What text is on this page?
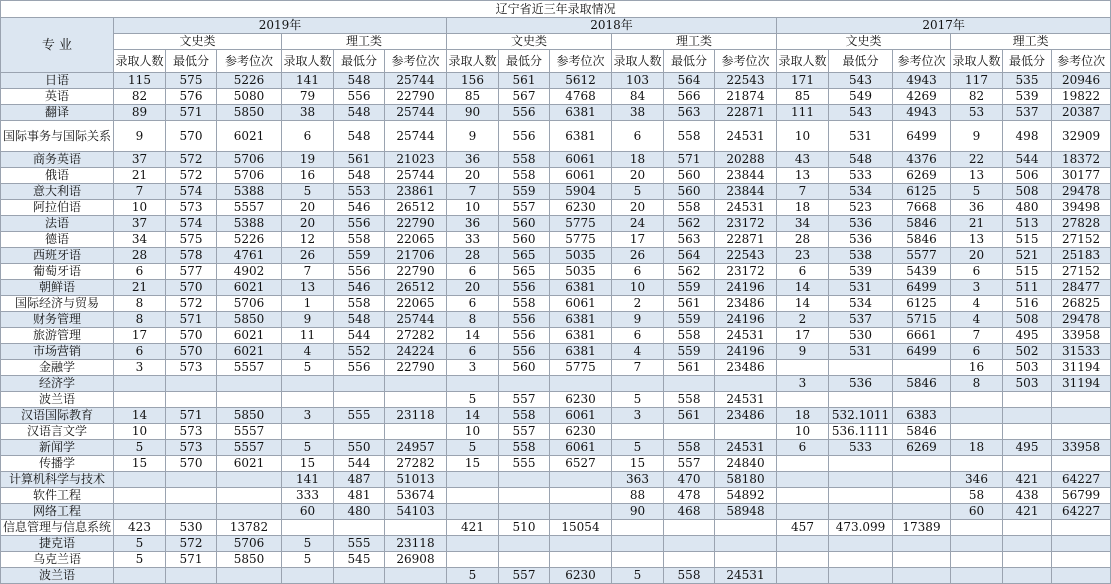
辽宁省近三年录取情况																		
专 业	2019年						2018年						2017年					
	文史类			理工类			文史类			理工类			文史类			理工类		
	录取人数	最低分	参考位次	录取人数	最低分	参考位次	录取人数	最低分	参考位次	录取人数	最低分	参考位次	录取人数	最低分	参考位次	录取人数	最低分	参考位次
日语	115	575	5226	141	548	25744	156	561	5612	103	564	22543	171	543	4943	117	535	20946
英语	82	576	5080	79	556	22790	85	567	4768	84	566	21874	85	549	4269	82	539	19822
翻译	89	571	5850	38	548	25744	90	556	6381	38	563	22871	111	543	4943	53	537	20387
国际事务与国际关系	9	570	6021	6	548	25744	9	556	6381	6	558	24531	10	531	6499	9	498	32909
商务英语	37	572	5706	19	561	21023	36	558	6061	18	571	20288	43	548	4376	22	544	18372
俄语	21	572	5706	16	548	25744	20	558	6061	20	560	23844	13	533	6269	13	506	30177
意大利语	7	574	5388	5	553	23861	7	559	5904	5	560	23844	7	534	6125	5	508	29478
阿拉伯语	10	573	5557	20	546	26512	10	557	6230	20	558	24531	18	523	7668	36	480	39498
法语	37	574	5388	20	556	22790	36	560	5775	24	562	23172	34	536	5846	21	513	27828
德语	34	575	5226	12	558	22065	33	560	5775	17	563	22871	28	536	5846	13	515	27152
西班牙语	28	578	4761	26	559	21706	28	565	5035	26	564	22543	23	538	5577	20	521	25183
葡萄牙语	6	577	4902	7	556	22790	6	565	5035	6	562	23172	6	539	5439	6	515	27152
朝鲜语	21	570	6021	13	546	26512	20	556	6381	10	559	24196	14	531	6499	3	511	28477
国际经济与贸易	8	572	5706	1	558	22065	6	558	6061	2	561	23486	14	534	6125	4	516	26825
财务管理	8	571	5850	9	548	25744	8	556	6381	9	559	24196	2	537	5715	4	508	29478
旅游管理	17	570	6021	11	544	27282	14	556	6381	6	558	24531	17	530	6661	7	495	33958
市场营销	6	570	6021	4	552	24224	6	556	6381	4	559	24196	9	531	6499	6	502	31533
金融学	3	573	5557	5	556	22790	3	560	5775	7	561	23486				16	503	31194
经济学													3	536	5846	8	503	31194
波兰语							5	557	6230	5	558	24531						
汉语国际教育	14	571	5850	3	555	23118	14	558	6061	3	561	23486	18	532.1011	6383			
汉语言文学	10	573	5557				10	557	6230				10	536.1111	5846			
新闻学	5	573	5557	5	550	24957	5	558	6061	5	558	24531	6	533	6269	18	495	33958
传播学	15	570	6021	15	544	27282	15	555	6527	15	557	24840						
计算机科学与技术				141	487	51013				363	470	58180				346	421	64227
软件工程				333	481	53674				88	478	54892				58	438	56799
网络工程				60	480	54103				90	468	58948				60	421	64227
信息管理与信息系统	423	530	13782				421	510	15054				457	473.099	17389			
捷克语	5	572	5706	5	555	23118												
乌克兰语	5	571	5850	5	545	26908												
波兰语							5	557	6230	5	558	24531						
